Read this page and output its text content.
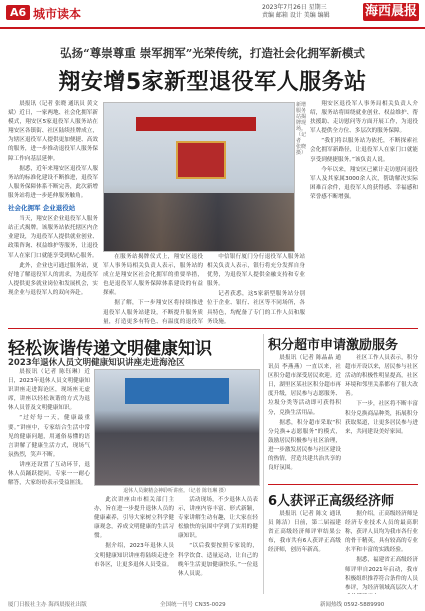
A6 城市读本	2023年7月26日 星期三
责编 邮箱 设计 美编 编辑	海西晨报
弘扬“尊崇尊重 崇军拥军”光荣传统，打造社会化拥军新模式
翔安增5家新型退役军人服务站

晨报讯（记者 张晓 通讯员 黄文斌）近日，一家两地、社会化拥军新模式，翔安区5家退役军人服务站在翔安区各镇街、社区陆续挂牌成立，为辖区退役军人提供更加便捷、高效的服务，进一步推动退役军人服务保障工作向基层延伸。

据悉，近年来翔安区退役军人服务站的标准化建设不断推进，退役军人服务保障体系不断完善，此次新增服务站将进一步延伸服务触角。

社会化拥军 企业退役站

当天，翔安区企业退役军人服务站正式揭牌。该服务站依托辖区内企业建设，为退役军人提供就业创业、政策咨询、权益维护等服务，让退役军人在家门口就能享受到贴心服务。

此外，企业也可通过服务站，更好地了解退役军人的需求，为退役军人提供更多就业岗位和发展机会，实现企业与退役军人的双向奔赴。

新增服务站揭牌现场。（记者 张晓 摄）

翔安区退役军人事务局相关负责人介绍，服务站将围绕就业创业、权益维护、帮扶援助、走访慰问等方面开展工作，为退役军人提供全方位、多层次的服务保障。

“我们将以服务站为依托，不断探索社会化拥军新路径，让退役军人在家门口就能享受到便捷服务。”该负责人说。

今年以来，翔安区已累计走访慰问退役军人及其家属3000余人次，帮助解决实际困难百余件，退役军人的获得感、幸福感和荣誉感不断增强。

在服务站揭牌仪式上，翔安区退役军人事务局相关负责人表示，服务站的成立是翔安区社会化拥军的重要举措，也是退役军人服务保障体系建设的有益探索。

据了解，下一步翔安区将持续推进退役军人服务站建设，不断提升服务质量，打造更多有特色、有温度的退役军

中信银行厦门分行退役军人服务站相关负责人表示，银行将充分发挥自身优势，为退役军人提供金融支持和专业服务。

记者获悉，这5家新型服务站分别位于企业、银行、社区等不同场所，各具特色，均配备了专门的工作人员和服务设施。

轻松诙谐传递文明健康知识
2023年退休人员文明健康知识讲座走进海沧区

晨报讯（记者 陈钰琳）近日，2023年退休人员文明健康知识讲座走进海沧区，现场座无虚席，讲座以轻松诙谐的方式为退休人员普及文明健康知识。

“过好每一天，健康最重要。”讲座中，专家结合生活中常见的健康问题，用通俗易懂的语言讲解了健康生活方式，现场气氛热烈，笑声不断。

讲座还设置了互动环节，退休人员踊跃提问，专家一一耐心解答，大家纷纷表示受益匪浅。

退休人员聚精会神聆听讲座。（记者 陈钰琳 摄）

此次讲座由市相关部门主办，旨在进一步提升退休人员的健康素养，引导大家树立科学健康观念，养成文明健康的生活习惯。

据介绍，2023年退休人员文明健康知识讲座将陆续走进全市各区，让更多退休人员受益。

活动现场，不少退休人员表示，讲座内容丰富、形式新颖，专家讲解生动有趣，让大家在轻松愉快的氛围中学到了实用的健康知识。

“以后我要按照专家说的，科学饮食、适量运动，让自己的晚年生活更加健康快乐。”一位退休人员说。

积分超市申请激励服务

晨报讯（记者 陈晶晶 通讯员 李燕燕）一直以来，社区积分超市深受居民欢迎。近日，湖里区某社区积分超市再度升级，居民参与志愿服务、垃圾分类等活动即可获得积分，兑换生活用品。

据悉，积分超市采取“积分兑换+志愿服务”的模式，鼓励居民积极参与社区治理，进一步激发居民参与社区建设的热情，营造共建共治共享的良好氛围。

社区工作人员表示，积分超市开设以来，居民参与社区活动的积极性明显提高，社区环境和邻里关系都有了很大改善。

下一步，社区将不断丰富积分兑换商品种类，拓展积分获取渠道，让更多居民参与进来，共同建设美好家园。

6人获评正高级经济师

晨报讯（记者 陈文 通讯员 陈洁）日前，第二届福建省正高级经济师评审结果公布，我市共有6人获评正高级经济师，创历年新高。

据介绍，正高级经济师是经济专业技术人员的最高职称，获评人员均为我市各行业的骨干精英，具有较高的专业水平和丰富的实践经验。

据悉，福建省正高级经济师评审自2021年启动，我市积极组织推荐符合条件的人员参评，为经济领域高层次人才

厦门日报社主办 海西晨报社出版	全国统一刊号 CN35-0029	新闻热线 0592-5889990
